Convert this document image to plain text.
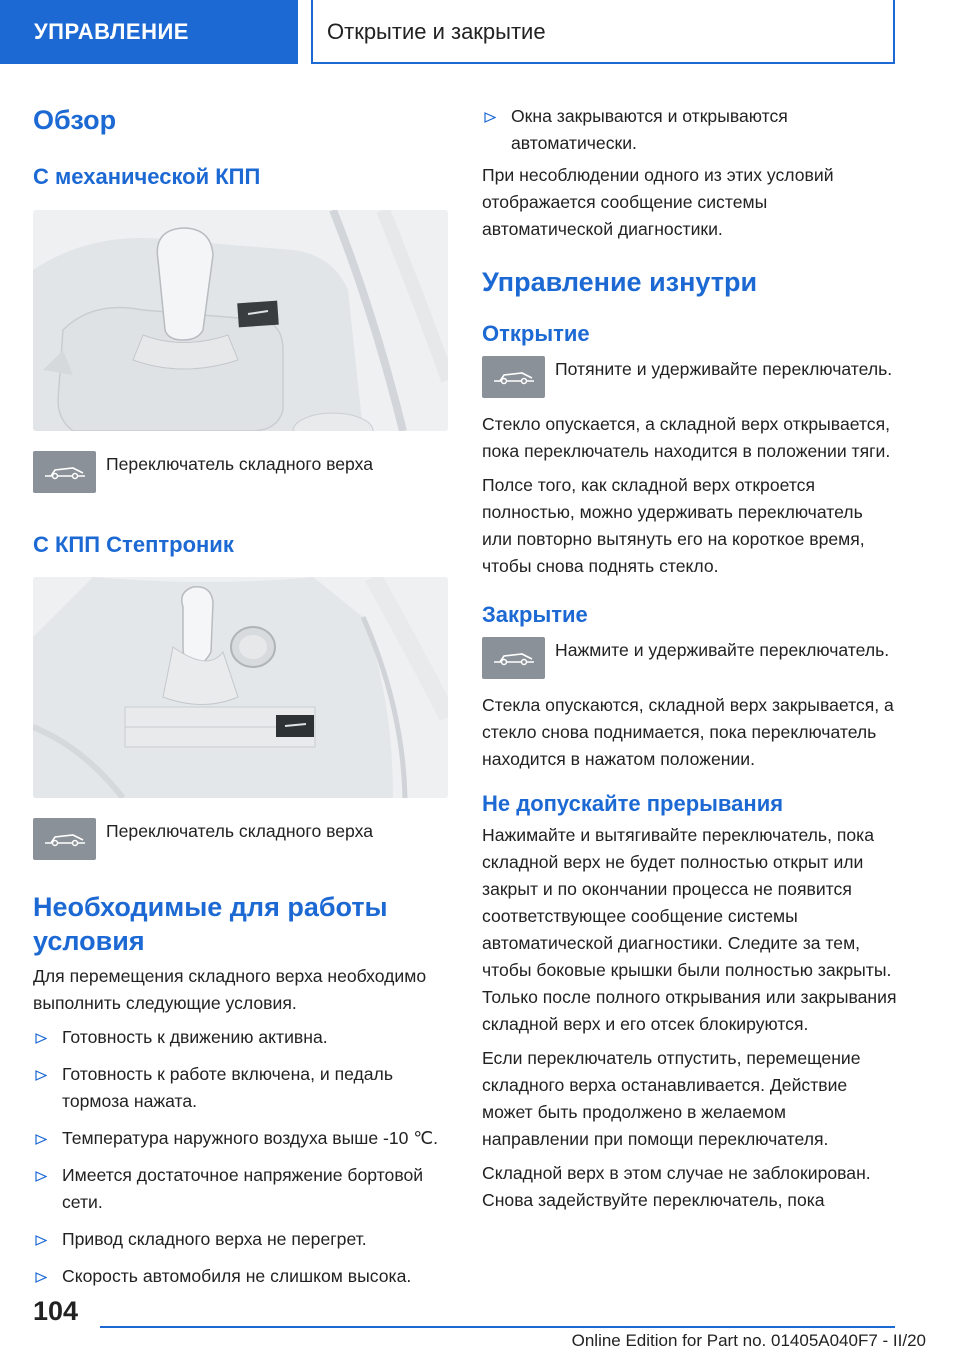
УПРАВЛЕНИЕ	Открытие и закрытие
Обзор
С механической КПП
Переключатель складного верха
С КПП Стептроник
Переключатель складного верха
Необходимые для работы условия

Для перемещения складного верха необходимо выполнить следующие условия.

Готовность к движению активна.
Готовность к работе включена, и педаль тормоза нажата.
Температура наружного воздуха выше -10 ℃.
Имеется достаточное напряжение бортовой сети.
Привод складного верха не перегрет.
Скорость автомобиля не слишком высока.
Окна закрываются и открываются автоматически.

При несоблюдении одного из этих условий отображается сообщение системы автоматической диагностики.

Управление изнутри
Открытие
Потяните и удерживайте переключатель.

Стекло опускается, а складной верх открывается, пока переключатель находится в положении тяги.

Полсе того, как складной верх откроется полностью, можно удерживать переключатель или повторно вытянуть его на короткое время, чтобы снова поднять стекло.

Закрытие
Нажмите и удерживайте переключатель.

Стекла опускаются, складной верх закрывается, а стекло снова поднимается, пока переключатель находится в нажатом положении.

Не допускайте прерывания

Нажимайте и вытягивайте переключатель, пока складной верх не будет полностью открыт или закрыт и по окончании процесса не появится соответствующее сообщение системы автоматической диагностики. Следите за тем, чтобы боковые крышки были полностью закрыты. Только после полного открывания или закрывания складной верх и его отсек блокируются.

Если переключатель отпустить, перемещение складного верха останавливается. Действие может быть продолжено в желаемом направлении при помощи переключателя.

Складной верх в этом случае не заблокирован. Снова задействуйте переключатель, пока

104
Online Edition for Part no. 01405A040F7 - II/20
